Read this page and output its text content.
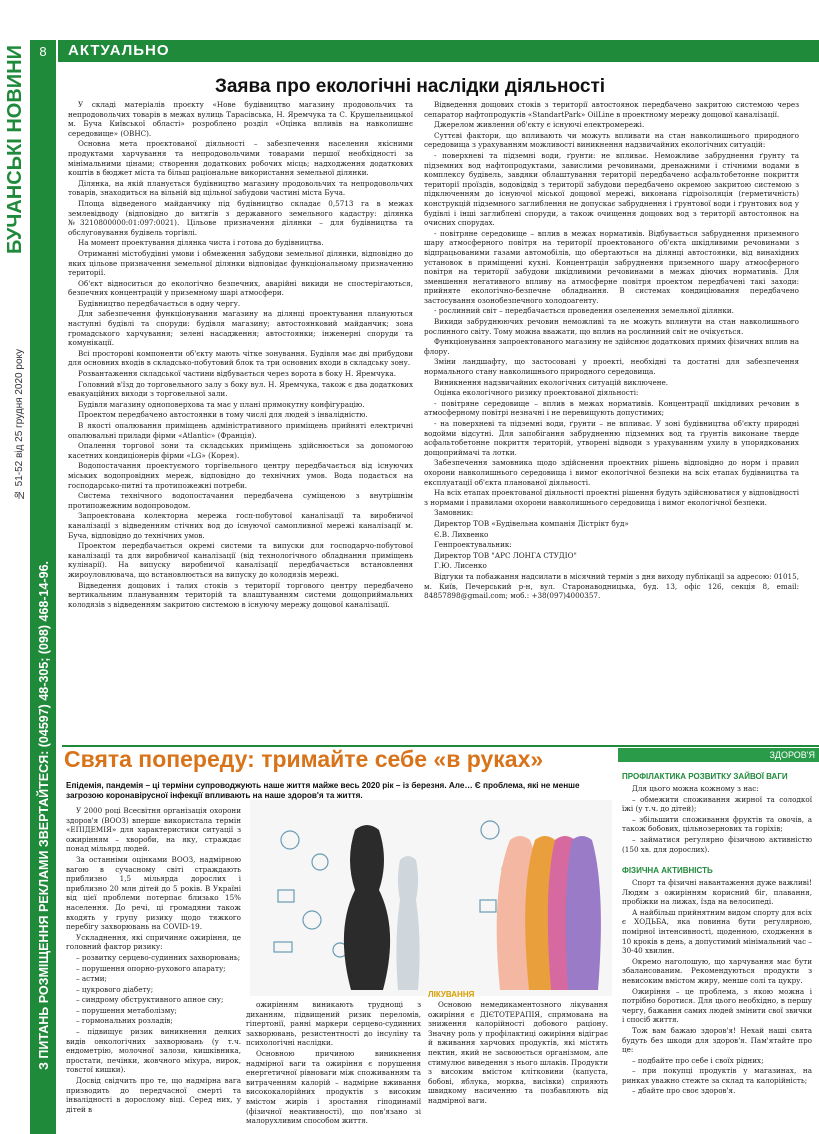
8
БУЧАНСЬКІ НОВИНИ
№ 51-52 від 25 грудня 2020 року
З ПИТАНЬ РОЗМІЩЕННЯ РЕКЛАМИ ЗВЕРТАЙТЕСЯ: (04597) 48-305; (098) 468-14-96.
АКТУАЛЬНО
Заява про екологічні наслідки діяльності

У складі матеріалів проєкту «Нове будівництво магазину продовольчих та непродовольчих товарів в межах вулиць Тарасівська, Н. Яремчука та С. Крушельницької м. Буча Київської області» розроблено розділ «Оцінка впливів на навколишнє середовище» (ОВНС).

Основна мета проєктованої діяльності – забезпечення населення якісними продуктами харчування та непродовольчими товарами першої необхідності за мінімальними цінами; створення додаткових робочих місць; надходження додаткових коштів в бюджет міста та більш раціональне використання земельної ділянки.

Ділянка, на якій планується будівництво магазину продовольчих та непродовольчих товарів, знаходиться на вільній від щільної забудови частині міста Буча.

Площа відведеного майданчику під будівництво складає 0,5713 га в межах землевідводу (відповідно до витягів з державного земельного кадастру: ділянка №3210800000:01:097:0021). Цільове призначення ділянки – для будівництва та обслуговування будівель торгівлі.

На момент проектування ділянка чиста і готова до будівництва.

Отриманні містобудівні умови і обмеження забудови земельної ділянки, відповідно до яких цільове призначення земельної ділянки відповідає функціональному призначенню території.

Об'єкт відноситься до екологічно безпечних, аварійні викиди не спостерігаються, безпечних концентрацій у приземному шарі атмосфери.

Будівництво передбачається в одну чергу.

Для забезпечення функціонування магазину на ділянці проектування плануються наступні будівлі та споруди: будівля магазину; автостоянковий майданчик; зона громадського харчування; зелені насадження; автостоянки; інженерні споруди та комунікації.

Всі просторові компоненти об'єкту мають чітке зонування. Будівля має дві прибудови для основних входів в складсько-побутовий блок та три основних входи в складську зону.

Розвантаження складської частини відбувається через ворота в боку Н. Яремчука.

Головний в'їзд до торговельного залу з боку вул. Н. Яремчука, також є два додаткових евакуаційних виходи з торговельної зали.

Будівля магазину одноповерхова та має у плані прямокутну конфігурацію.

Проектом передбачено автостоянки в тому числі для людей з інвалідністю.

В якості опалювання приміщень адміністративного приміщень прийняті електричні опалювальні прилади фірми «Atlantic» (Франція).

Опалення торгової зони та складських приміщень здійснюється за допомогою касетних кондиціонерів фірми «LG» (Корея).

Водопостачання проектуємого торгівельного центру передбачається від існуючих міських водопровідних мереж, відповідно до технічних умов. Вода подається на господарсько-питні та протипожежні потреби.

Система технічного водопостачання передбачена суміщеною з внутрішнім протипожежним водопроводом.

Запроектована колекторна мережа госп-побутової каналізації та виробничої каналізації з відведенням стічних вод до існуючої самопливної мережі каналізації м. Буча, відповідно до технічних умов.

Проектом передбачається окремі системи та випуски для господарчо-побутової каналізації та для виробничої каналізації (від технологічного обладнання приміщень кулінарії). На випуску виробничої каналізації передбачається встановлення жироуловлювача, що встановлюється на випуску до колодязів мережі.

Відведення дощових і талих стоків з території торгового центру передбачено вертикальним плануванням територій та влаштуванням системи дощоприймальних колодязів з відведенням закритою системою в існуючу мережу дощової каналізації.

Відведення дощових стоків з території автостоянок передбачено закритою системою через сепаратор нафтопродуктів «StandartPark» OilLine в проектному мережу дощової каналізації.

Джерелом живлення об'єкту є існуючі електромережі.

Суттєві фактори, що впливають чи можуть впливати на стан навколишнього природного середовища з урахуванням можливості виникнення надзвичайних екологічних ситуацій:

- поверхневі та підземні води, ґрунти: не впливає. Неможливе забруднення ґрунту та підземних вод нафтопродуктами, завислими речовинами, дренажними і стічними водами в комплексу будівель, завдяки облаштування території передбачено асфальтобетонне покриття території проїздів, водовідвід з території забудови передбачено окремою закритою системою з підключенням до існуючої міської дощової мережі, виконана гідроізоляція (герметичність) конструкцій підземного заглиблення не допускає забруднення і ґрунтової води і ґрунтових вод у будівлі і інші заглиблені споруди, а також очищення дощових вод з території автостоянок на очисних спорудах.

- повітряне середовище – вплив в межах нормативів. Відбувається забруднення приземного шару атмосферного повітря на території проектованого об'єкта шкідливими речовинами з відпрацьованими газами автомобілів, що обертаються на ділянці автостоянки, від винахідних установок в приміщенні кухні. Концентрація забруднення приземного шару атмосферного повітря на території забудови шкідливими речовинами в межах діючих нормативів. Для зменшення негативного впливу на атмосферне повітря проектом передбачені такі заходи: прийняте екологічно-безпечне обладнання. В системах кондиціювання передбачено застосування озонобезпечного холодоагенту.

- рослинний світ – передбачається проведення озеленення земельної ділянки.

Викиди забруднюючих речовин неможливі та не можуть вплинути на стан навколишнього рослинного світу. Тому можна вважати, що вплив на рослинний світ не очікується.

Функціонування запроектованого магазину не здійснює додаткових прямих фізичних вплив на флору.

Зміни ландшафту, що застосовані у проекті, необхідні та достатні для забезпечення нормального стану навколишнього природного середовища.

Виникнення надзвичайних екологічних ситуацій виключене.

Оцінка екологічного ризику проектованої діяльності:

- повітряне середовище – вплив в межах нормативів. Концентрації шкідливих речовин в атмосферному повітрі незначні і не перевищують допустимих;

- на поверхневі та підземні води, ґрунти – не впливає. У зоні будівництва об'єкту природні водойми відсутні. Для запобігання забрудненню підземних вод та ґрунтів виконане тверде асфальтобетонне покриття територій, утворені відводи з урахуванням ухилу в упорядкованих дощоприймачі та лотки.

Забезпечення замовника щодо здійснення проектних рішень відповідно до норм і правил охорони навколишнього середовища і вимог екологічної безпеки на всіх етапах будівництва та експлуатації об'єкта планованої діяльності.

На всіх етапах проектованої діяльності проектні рішення будуть здійснюватися у відповідності з нормами і правилами охорони навколишнього середовища і вимог екологічної безпеки.

Замовник:

Директор ТОВ «Будівельна компанія Дістрікт буд»

Є.В. Лихвенко

Генпроектувальник:

Директор ТОВ "АРС ЛОНГА СТУДІО"

Г.Ю. Лисенко

Відгуки та побажання надсилати в місячний термін з дня виходу публікації за адресою: 01015, м. Київ, Печерський р-н, вул. Старонаводницька, буд. 13, офіс 126, секція 8, email: 84857898@gmail.com; моб.: +38(097)4000357.

Свята попереду: тримайте себе «в руках»
Епідемія, пандемія – ці терміни супроводжують наше життя майже весь 2020 рік – із березня. Але… Є проблема, які не менше загрозою коронавірусної інфекції впливають на наше здоров'я та життя.

У 2000 році Всесвітня організація охорони здоров'я (ВООЗ) вперше використала термін «ЕПІДЕМІЯ» для характеристики ситуації з ожирінням – хвороби, на яку, страждає понад мільярд людей.

За останніми оцінками ВООЗ, надмірною вагою в сучасному світі страждають приблизно 1,5 мільярда дорослих і приблизно 20 млн дітей до 5 років. В Україні від цієї проблеми потерпає близько 15% населення. До речі, ці громадяни також входять у групу ризику щодо тяжкого перебігу захворювань на COVID-19.

Ускладнення, які спричиняє ожиріння, це головний фактор ризику:

– розвитку серцево-судинних захворювань;

– порушення опорно-рухового апарату;

– астми;

– цукрового діабету;

– синдрому обструктивного апное сну;

– порушення метаболізму;

– гормональних розладів;

– підвищує ризик виникнення деяких видів онкологічних захворювань (у т.ч. ендометрію, молочної залози, кишківника, простати, печінки, жовчного міхура, нирок, товстої кишки).

Досвід свідчить про те, що надмірна вага призводить до передчасної смерті та інвалідності в дорослому віці. Серед них, у дітей в

ожирінням виникають труднощі з диханням, підвищений ризик переломів, гіпертонії, ранні маркери серцево-судинних захворювань, резистентності до інсуліну та психологічні наслідки.

Основною причиною виникнення надмірної ваги та ожиріння є порушення енергетичної рівноваги між споживанням та витраченням калорій – надмірне вживання висококалорійних продуктів з високим вмістом жирів і зростання гіподинамії (фізичної неактивності), що пов'язано зі малорухливим способом життя.

ЛІКУВАННЯ

Основою немедикаментозного лікування ожиріння є ДІЄТОТЕРАПІЯ, спрямована на зниження калорійності добового раціону. Значну роль у профілактиці ожиріння відіграє й вживання харчових продуктів, які містять пектин, який не засвоюється організмом, але стимулює виведення з нього шлаків. Продукти з високим вмістом клітковини (капуста, бобові, яблука, морква, висівки) сприяють швидкому насиченню та позбавляють від надмірної ваги.

ЗДОРОВ'Я
ПРОФІЛАКТИКА РОЗВИТКУ ЗАЙВОЇ ВАГИ

Для цього можна кожному з нас:

– обмежити споживання жирної та солодкої їжі (у т.ч. до дітей);

– збільшити споживання фруктів та овочів, а також бобових, цільнозернових та горіхів;

– займатися регулярно фізичною активністю (150 хв. для дорослих).

ФІЗИЧНА АКТИВНІСТЬ

Спорт та фізичні навантаження дуже важливі! Людям з ожирінням корисний біг, плавання, пробіжки на лижах, їзда на велосипеді.

А найбільш прийнятним видом спорту для всіх є ХОДЬБА, яка повинна бути регулярною, помірної інтенсивності, щоденною, сходження в 10 кроків в день, а допустимий мінімальний час – 30-40 хвилин.

Окремо наголошую, що харчування має бути збалансованим. Рекомендуються продукти з невисоким вмістом жиру, менше солі та цукру.

Ожиріння – це проблема, з якою можна і потрібно боротися. Для цього необхідно, в першу чергу, бажання самих людей змінити свої звички і спосіб життя.

Тож вам бажаю здоров'я! Нехай наші свята будуть без шкоди для здоров'я. Пам'ятайте про це:

– подбайте про себе і своїх рідних;

– при покупці продуктів у магазинах, на ринках уважно стежте за склад та калорійність;

– дбайте про своє здоров'я.
